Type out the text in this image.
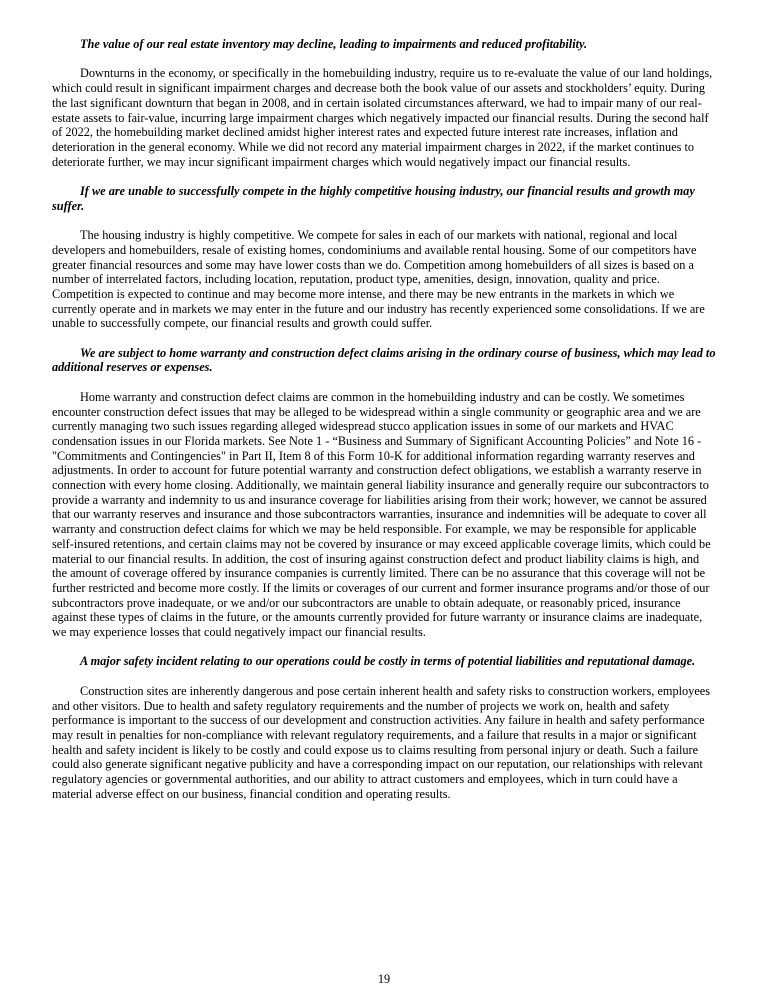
The value of our real estate inventory may decline, leading to impairments and reduced profitability.

Downturns in the economy, or specifically in the homebuilding industry, require us to re-evaluate the value of our land holdings, which could result in significant impairment charges and decrease both the book value of our assets and stockholders’ equity. During the last significant downturn that began in 2008, and in certain isolated circumstances afterward, we had to impair many of our real-estate assets to fair-value, incurring large impairment charges which negatively impacted our financial results. During the second half of 2022, the homebuilding market declined amidst higher interest rates and expected future interest rate increases, inflation and deterioration in the general economy. While we did not record any material impairment charges in 2022, if the market continues to deteriorate further, we may incur significant impairment charges which would negatively impact our financial results.

If we are unable to successfully compete in the highly competitive housing industry, our financial results and growth may suffer.

The housing industry is highly competitive. We compete for sales in each of our markets with national, regional and local developers and homebuilders, resale of existing homes, condominiums and available rental housing. Some of our competitors have greater financial resources and some may have lower costs than we do. Competition among homebuilders of all sizes is based on a number of interrelated factors, including location, reputation, product type, amenities, design, innovation, quality and price. Competition is expected to continue and may become more intense, and there may be new entrants in the markets in which we currently operate and in markets we may enter in the future and our industry has recently experienced some consolidations. If we are unable to successfully compete, our financial results and growth could suffer.

We are subject to home warranty and construction defect claims arising in the ordinary course of business, which may lead to additional reserves or expenses.

Home warranty and construction defect claims are common in the homebuilding industry and can be costly. We sometimes encounter construction defect issues that may be alleged to be widespread within a single community or geographic area and we are currently managing two such issues regarding alleged widespread stucco application issues in some of our markets and HVAC condensation issues in our Florida markets. See Note 1 - “Business and Summary of Significant Accounting Policies” and Note 16 - "Commitments and Contingencies" in Part II, Item 8 of this Form 10-K for additional information regarding warranty reserves and adjustments. In order to account for future potential warranty and construction defect obligations, we establish a warranty reserve in connection with every home closing. Additionally, we maintain general liability insurance and generally require our subcontractors to provide a warranty and indemnity to us and insurance coverage for liabilities arising from their work; however, we cannot be assured that our warranty reserves and insurance and those subcontractors warranties, insurance and indemnities will be adequate to cover all warranty and construction defect claims for which we may be held responsible. For example, we may be responsible for applicable self-insured retentions, and certain claims may not be covered by insurance or may exceed applicable coverage limits, which could be material to our financial results. In addition, the cost of insuring against construction defect and product liability claims is high, and the amount of coverage offered by insurance companies is currently limited. There can be no assurance that this coverage will not be further restricted and become more costly. If the limits or coverages of our current and former insurance programs and/or those of our subcontractors prove inadequate, or we and/or our subcontractors are unable to obtain adequate, or reasonably priced, insurance against these types of claims in the future, or the amounts currently provided for future warranty or insurance claims are inadequate, we may experience losses that could negatively impact our financial results.

A major safety incident relating to our operations could be costly in terms of potential liabilities and reputational damage.

Construction sites are inherently dangerous and pose certain inherent health and safety risks to construction workers, employees and other visitors. Due to health and safety regulatory requirements and the number of projects we work on, health and safety performance is important to the success of our development and construction activities. Any failure in health and safety performance may result in penalties for non-compliance with relevant regulatory requirements, and a failure that results in a major or significant health and safety incident is likely to be costly and could expose us to claims resulting from personal injury or death. Such a failure could also generate significant negative publicity and have a corresponding impact on our reputation, our relationships with relevant regulatory agencies or governmental authorities, and our ability to attract customers and employees, which in turn could have a material adverse effect on our business, financial condition and operating results.

19
